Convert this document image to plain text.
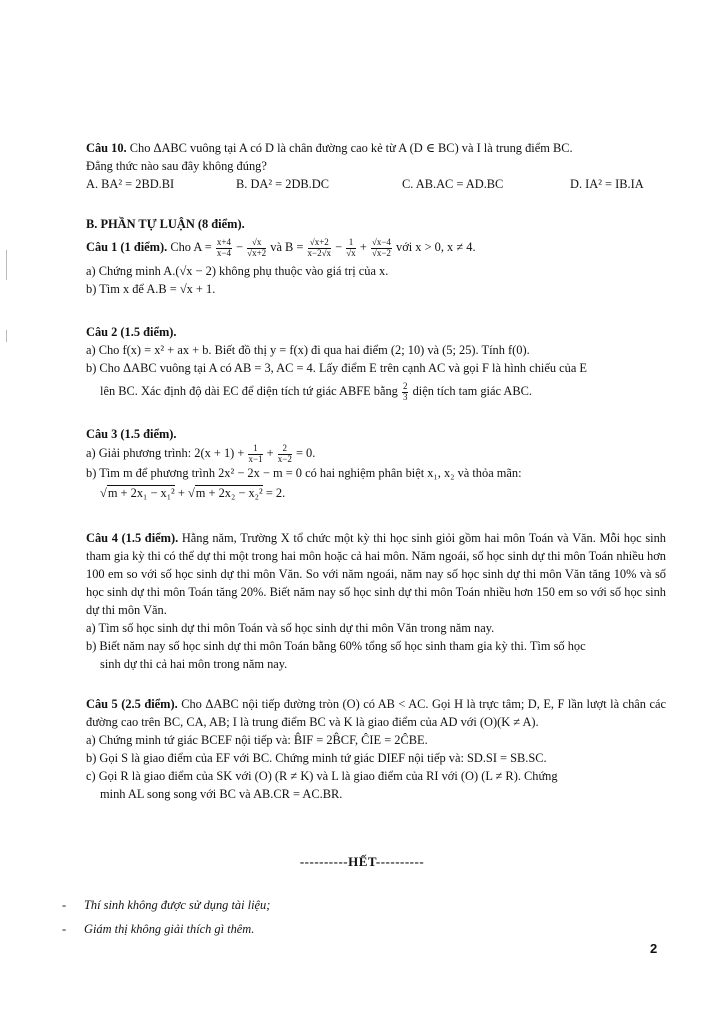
Câu 10. Cho ΔABC vuông tại A có D là chân đường cao kẻ từ A (D ∈ BC) và I là trung điểm BC.

Đẳng thức nào sau đây không đúng?

A. BA² = 2BD.BI	B. DA² = 2DB.DC	C. AB.AC = AD.BC	D. IA² = IB.IA

B. PHẦN TỰ LUẬN (8 điểm).

Câu 1 (1 điểm). Cho $A = \frac{x+4}{x-4} - \frac{√x}{√x+2}$ và $B = \frac{√x+2}{x-2√x} - \frac{1}{√x} + \frac{√x-4}{√x-2}$ với x > 0, x ≠ 4.

a) Chứng minh A.(√x − 2) không phụ thuộc vào giá trị của x.

b) Tìm x để A.B = √x + 1.

Câu 2 (1.5 điểm).

a) Cho f(x) = x² + ax + b. Biết đồ thị y = f(x) đi qua hai điểm (2; 10) và (5; 25). Tính f(0).

b) Cho ΔABC vuông tại A có AB = 3, AC = 4. Lấy điểm E trên cạnh AC và gọi F là hình chiếu của E

lên BC. Xác định độ dài EC để diện tích tứ giác ABFE bằng $\frac{2}{3}$ diện tích tam giác ABC.

Câu 3 (1.5 điểm).

a) Giải phương trình: $2(x + 1) + \frac{1}{x-1} + \frac{2}{x-2} = 0$.

b) Tìm m để phương trình 2x² − 2x − m = 0 có hai nghiệm phân biệt x₁, x₂ và thỏa mãn:

√m + 2x₁ − x₁² + √m + 2x₂ − x₂² = 2.

Câu 4 (1.5 điểm). Hằng năm, Trường X tổ chức một kỳ thi học sinh giỏi gồm hai môn Toán và Văn. Mỗi học sinh tham gia kỳ thi có thể dự thi một trong hai môn hoặc cả hai môn. Năm ngoái, số học sinh dự thi môn Toán nhiều hơn 100 em so với số học sinh dự thi môn Văn. So với năm ngoái, năm nay số học sinh dự thi môn Văn tăng 10% và số học sinh dự thi môn Toán tăng 20%. Biết năm nay số học sinh dự thi môn Toán nhiều hơn 150 em so với số học sinh dự thi môn Văn.

a) Tìm số học sinh dự thi môn Toán và số học sinh dự thi môn Văn trong năm nay.

b) Biết năm nay số học sinh dự thi môn Toán bằng 60% tổng số học sinh tham gia kỳ thi. Tìm số học

sinh dự thi cả hai môn trong năm nay.

Câu 5 (2.5 điểm). Cho ΔABC nội tiếp đường tròn (O) có AB < AC. Gọi H là trực tâm; D, E, F lần lượt là chân các đường cao trên BC, CA, AB; I là trung điểm BC và K là giao điểm của AD với (O)(K ≠ A).

a) Chứng minh tứ giác BCEF nội tiếp và: B̂IF = 2B̂CF, ĈIE = 2ĈBE.

b) Gọi S là giao điểm của EF với BC. Chứng minh tứ giác DIEF nội tiếp và: SD.SI = SB.SC.

c) Gọi R là giao điểm của SK với (O) (R ≠ K) và L là giao điểm của RI với (O) (L ≠ R). Chứng

minh AL song song với BC và AB.CR = AC.BR.

----------HẾT----------
- Thí sinh không được sử dụng tài liệu;
- Giám thị không giải thích gì thêm.
2
